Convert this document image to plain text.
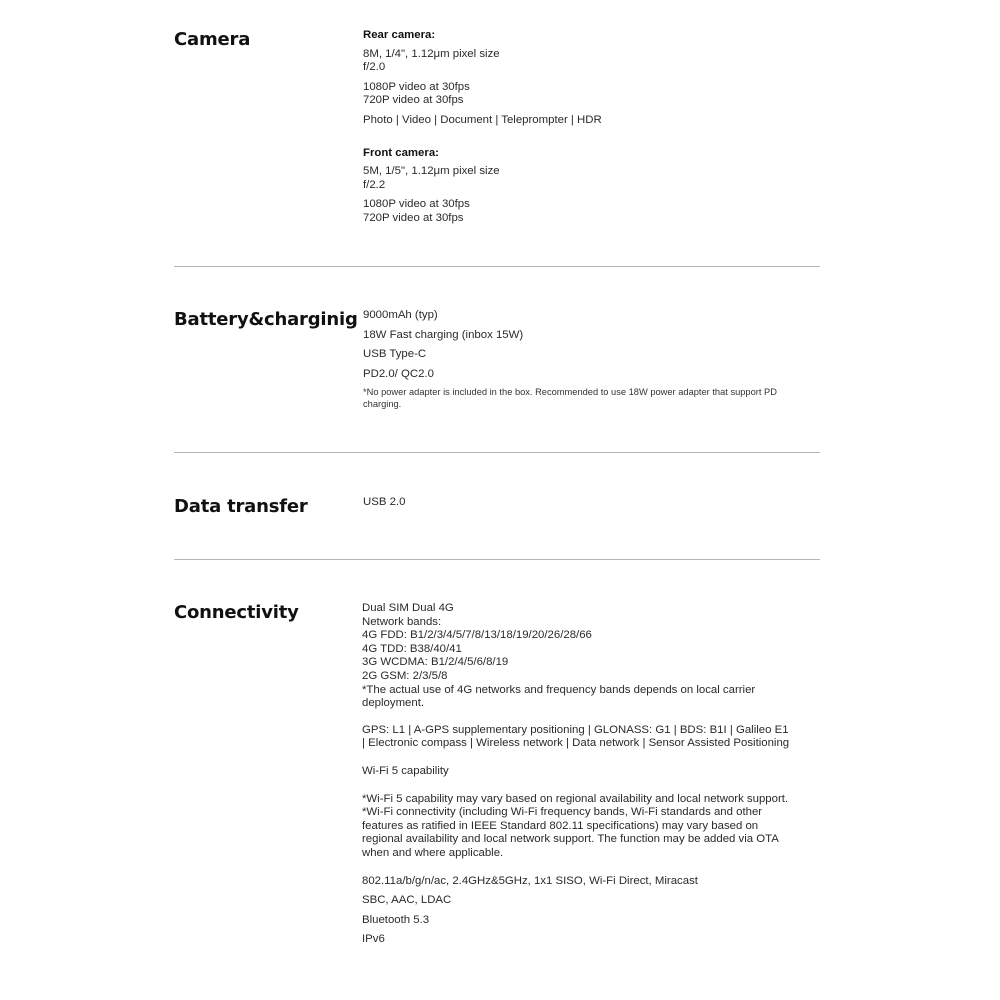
Camera	Rear camera:
8M, 1/4", 1.12μm pixel size
f/2.0
1080P video at 30fps
720P video at 30fps
Photo | Video | Document | Teleprompter | HDR
Front camera:
5M, 1/5", 1.12μm pixel size
f/2.2
1080P video at 30fps
720P video at 30fps
Battery&charginig 9000mAh (typ)
18W Fast charging (inbox 15W)
USB Type-C
PD2.0/ QC2.0
*No power adapter is included in the box. Recommended to use 18W power adapter that support PD charging.
Data transfer	USB 2.0
Connectivity	Dual SIM Dual 4G
Network bands:
4G FDD: B1/2/3/4/5/7/8/13/18/19/20/26/28/66
4G TDD: B38/40/41
3G WCDMA: B1/2/4/5/6/8/19
2G GSM: 2/3/5/8
*The actual use of 4G networks and frequency bands depends on local carrier deployment.
GPS: L1 | A-GPS supplementary positioning | GLONASS: G1 | BDS: B1I | Galileo E1 | Electronic compass | Wireless network | Data network | Sensor Assisted Positioning
Wi-Fi 5 capability
*Wi-Fi 5 capability may vary based on regional availability and local network support.
*Wi-Fi connectivity (including Wi-Fi frequency bands, Wi-Fi standards and other features as ratified in IEEE Standard 802.11 specifications) may vary based on regional availability and local network support. The function may be added via OTA when and where applicable.
802.11a/b/g/n/ac, 2.4GHz&5GHz, 1x1 SISO, Wi-Fi Direct, Miracast
SBC, AAC, LDAC
Bluetooth 5.3
IPv6
